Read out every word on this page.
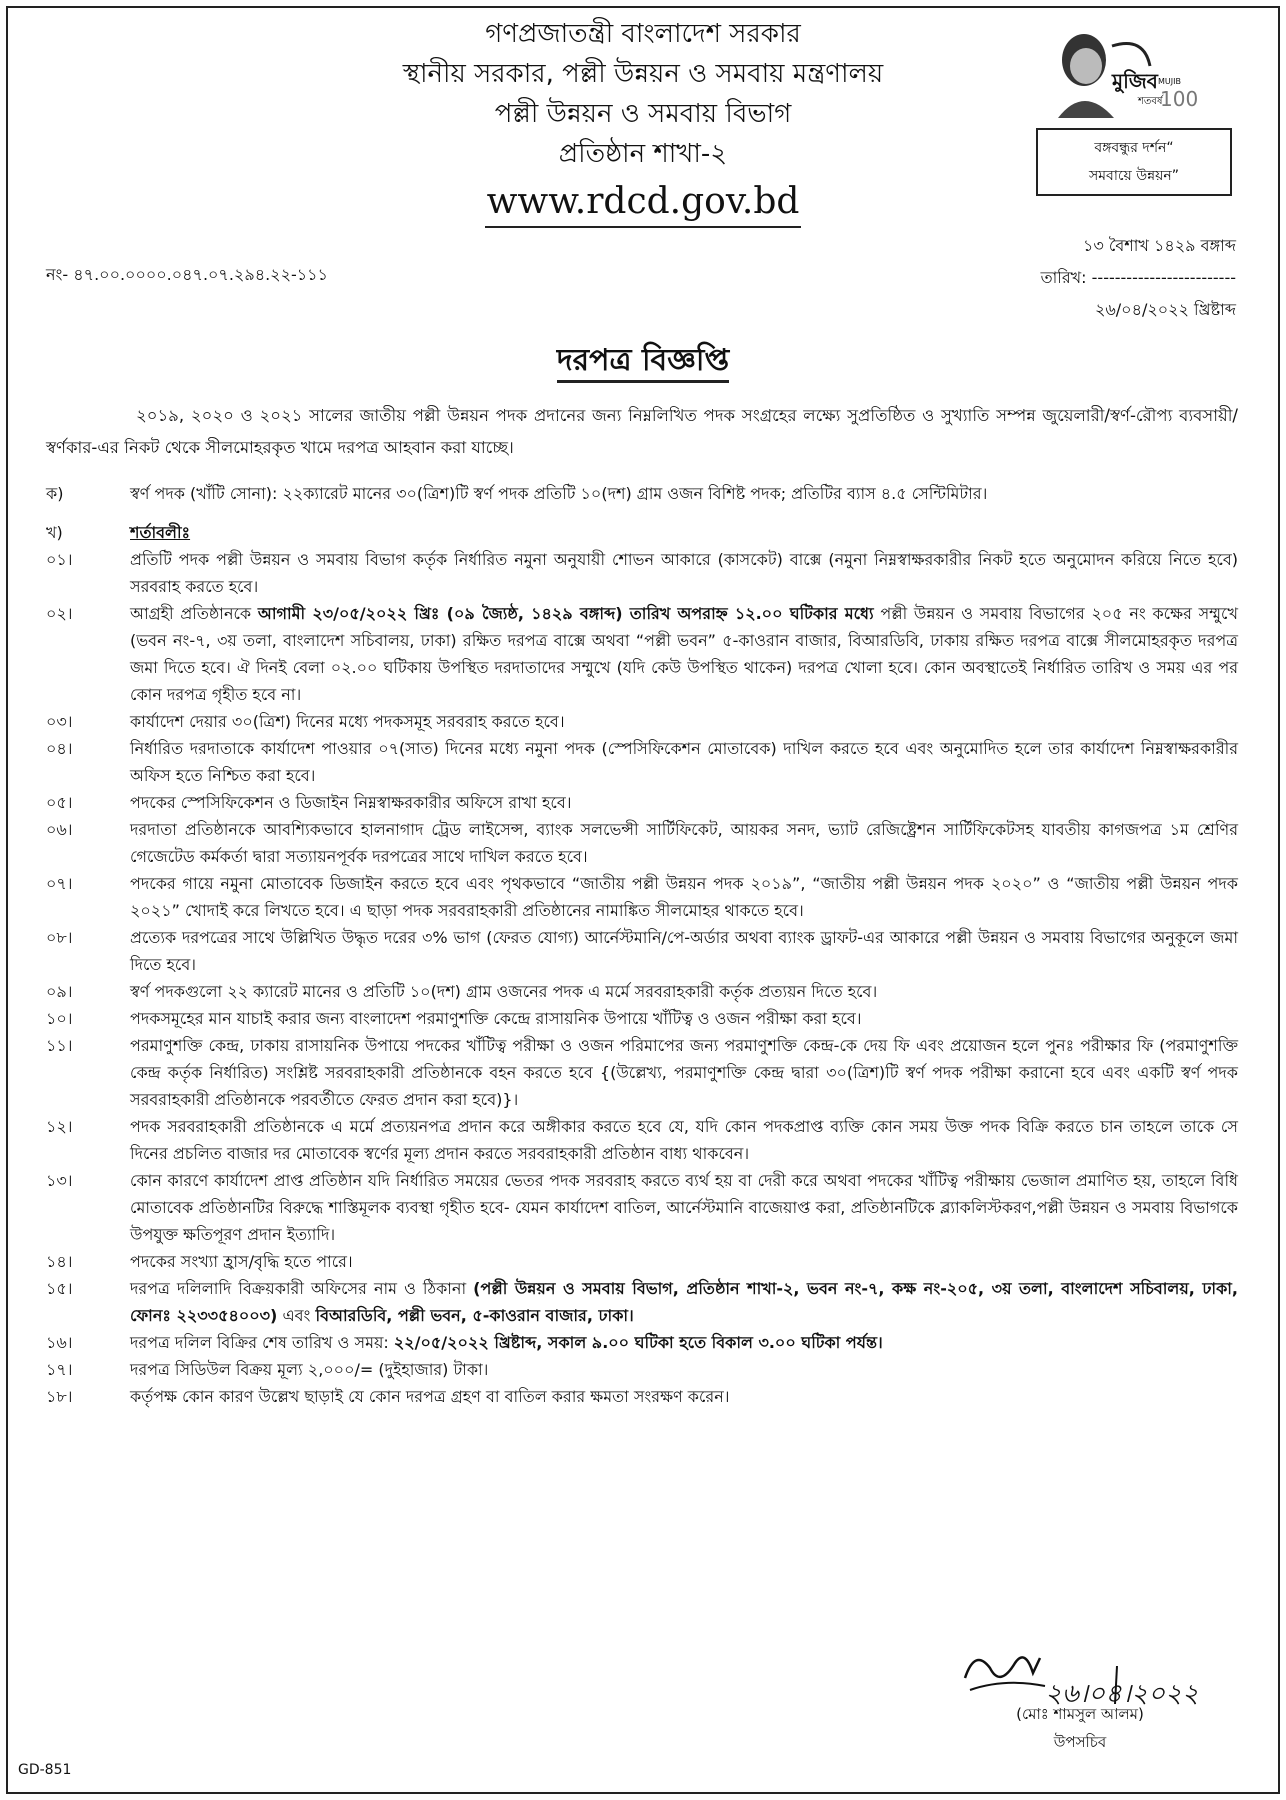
গণপ্রজাতন্ত্রী বাংলাদেশ সরকার
স্থানীয় সরকার, পল্লী উন্নয়ন ও সমবায় মন্ত্রণালয়
পল্লী উন্নয়ন ও সমবায় বিভাগ
প্রতিষ্ঠান শাখা-২
www.rdcd.gov.bd
মুজিব
শতবর্ষ
MUJIB
100
বঙ্গবন্ধুর দর্শন“
সমবায়ে উন্নয়ন”
নং- ৪৭.০০.০০০০.০৪৭.০৭.২৯৪.২২-১১১
১৩ বৈশাখ ১৪২৯ বঙ্গাব্দ
তারিখ: -------------------------
২৬/০৪/২০২২ খ্রিষ্টাব্দ
দরপত্র বিজ্ঞপ্তি
২০১৯, ২০২০ ও ২০২১ সালের জাতীয় পল্লী উন্নয়ন পদক প্রদানের জন্য নিম্নলিখিত পদক সংগ্রহের লক্ষ্যে সুপ্রতিষ্ঠিত ও সুখ্যাতি সম্পন্ন জুয়েলারী/স্বর্ণ-রৌপ্য ব্যবসায়ী/স্বর্ণকার-এর নিকট থেকে সীলমোহরকৃত খামে দরপত্র আহবান করা যাচ্ছে।
ক)	স্বর্ণ পদক (খাঁটি সোনা): ২২ক্যারেট মানের ৩০(ত্রিশ)টি স্বর্ণ পদক প্রতিটি ১০(দশ) গ্রাম ওজন বিশিষ্ট পদক; প্রতিটির ব্যাস ৪.৫ সেন্টিমিটার।
খ)	শর্তাবলীঃ
০১।	প্রতিটি পদক পল্লী উন্নয়ন ও সমবায় বিভাগ কর্তৃক নির্ধারিত নমুনা অনুযায়ী শোভন আকারে (কাসকেট) বাক্সে (নমুনা নিম্নস্বাক্ষরকারীর নিকট হতে অনুমোদন করিয়ে নিতে হবে) সরবরাহ করতে হবে।
০২।	আগ্রহী প্রতিষ্ঠানকে আগামী ২৩/০৫/২০২২ খ্রিঃ (০৯ জ্যৈষ্ঠ, ১৪২৯ বঙ্গাব্দ) তারিখ অপরাহ্ন ১২.০০ ঘটিকার মধ্যে পল্লী উন্নয়ন ও সমবায় বিভাগের ২০৫ নং কক্ষের সম্মুখে (ভবন নং-৭, ৩য় তলা, বাংলাদেশ সচিবালয়, ঢাকা) রক্ষিত দরপত্র বাক্সে অথবা “পল্লী ভবন” ৫-কাওরান বাজার, বিআরডিবি, ঢাকায় রক্ষিত দরপত্র বাক্সে সীলমোহরকৃত দরপত্র জমা দিতে হবে। ঐ দিনই বেলা ০২.০০ ঘটিকায় উপস্থিত দরদাতাদের সম্মুখে (যদি কেউ উপস্থিত থাকেন) দরপত্র খোলা হবে। কোন অবস্থাতেই নির্ধারিত তারিখ ও সময় এর পর কোন দরপত্র গৃহীত হবে না।
০৩।	কার্যাদেশ দেয়ার ৩০(ত্রিশ) দিনের মধ্যে পদকসমূহ সরবরাহ করতে হবে।
০৪।	নির্ধারিত দরদাতাকে কার্যাদেশ পাওয়ার ০৭(সাত) দিনের মধ্যে নমুনা পদক (স্পেসিফিকেশন মোতাবেক) দাখিল করতে হবে এবং অনুমোদিত হলে তার কার্যাদেশ নিম্নস্বাক্ষরকারীর অফিস হতে নিশ্চিত করা হবে।
০৫।	পদকের স্পেসিফিকেশন ও ডিজাইন নিম্নস্বাক্ষরকারীর অফিসে রাখা হবে।
০৬।	দরদাতা প্রতিষ্ঠানকে আবশ্যিকভাবে হালনাগাদ ট্রেড লাইসেন্স, ব্যাংক সলভেন্সী সার্টিফিকেট, আয়কর সনদ, ভ্যাট রেজিষ্ট্রেশন সার্টিফিকেটসহ যাবতীয় কাগজপত্র ১ম শ্রেণির গেজেটেড কর্মকর্তা দ্বারা সত্যায়নপূর্বক দরপত্রের সাথে দাখিল করতে হবে।
০৭।	পদকের গায়ে নমুনা মোতাবেক ডিজাইন করতে হবে এবং পৃথকভাবে “জাতীয় পল্লী উন্নয়ন পদক ২০১৯”, “জাতীয় পল্লী উন্নয়ন পদক ২০২০” ও “জাতীয় পল্লী উন্নয়ন পদক ২০২১” খোদাই করে লিখতে হবে। এ ছাড়া পদক সরবরাহকারী প্রতিষ্ঠানের নামাঙ্কিত সীলমোহর থাকতে হবে।
০৮।	প্রত্যেক দরপত্রের সাথে উল্লিখিত উদ্ধৃত দরের ৩% ভাগ (ফেরত যোগ্য) আর্নেস্টমানি/পে-অর্ডার অথবা ব্যাংক ড্রাফট-এর আকারে পল্লী উন্নয়ন ও সমবায় বিভাগের অনুকূলে জমা দিতে হবে।
০৯।	স্বর্ণ পদকগুলো ২২ ক্যারেট মানের ও প্রতিটি ১০(দশ) গ্রাম ওজনের পদক এ মর্মে সরবরাহকারী কর্তৃক প্রত্যয়ন দিতে হবে।
১০।	পদকসমূহের মান যাচাই করার জন্য বাংলাদেশ পরমাণুশক্তি কেন্দ্রে রাসায়নিক উপায়ে খাঁটিত্ব ও ওজন পরীক্ষা করা হবে।
১১।	পরমাণুশক্তি কেন্দ্র, ঢাকায় রাসায়নিক উপায়ে পদকের খাঁটিত্ব পরীক্ষা ও ওজন পরিমাপের জন্য পরমাণুশক্তি কেন্দ্র-কে দেয় ফি এবং প্রয়োজন হলে পুনঃ পরীক্ষার ফি (পরমাণুশক্তি কেন্দ্র কর্তৃক নির্ধারিত) সংশ্লিষ্ট সরবরাহকারী প্রতিষ্ঠানকে বহন করতে হবে {(উল্লেখ্য, পরমাণুশক্তি কেন্দ্র দ্বারা ৩০(ত্রিশ)টি স্বর্ণ পদক পরীক্ষা করানো হবে এবং একটি স্বর্ণ পদক সরবরাহকারী প্রতিষ্ঠানকে পরবর্তীতে ফেরত প্রদান করা হবে)}।
১২।	পদক সরবরাহকারী প্রতিষ্ঠানকে এ মর্মে প্রত্যয়নপত্র প্রদান করে অঙ্গীকার করতে হবে যে, যদি কোন পদকপ্রাপ্ত ব্যক্তি কোন সময় উক্ত পদক বিক্রি করতে চান তাহলে তাকে সে দিনের প্রচলিত বাজার দর মোতাবেক স্বর্ণের মূল্য প্রদান করতে সরবরাহকারী প্রতিষ্ঠান বাধ্য থাকবেন।
১৩।	কোন কারণে কার্যাদেশ প্রাপ্ত প্রতিষ্ঠান যদি নির্ধারিত সময়ের ভেতর পদক সরবরাহ করতে ব্যর্থ হয় বা দেরী করে অথবা পদকের খাঁটিত্ব পরীক্ষায় ভেজাল প্রমাণিত হয়, তাহলে বিধি মোতাবেক প্রতিষ্ঠানটির বিরুদ্ধে শাস্তিমূলক ব্যবস্থা গৃহীত হবে- যেমন কার্যাদেশ বাতিল, আর্নেস্টমানি বাজেয়াপ্ত করা, প্রতিষ্ঠানটিকে ব্ল্যাকলিস্টকরণ,পল্লী উন্নয়ন ও সমবায় বিভাগকে উপযুক্ত ক্ষতিপূরণ প্রদান ইত্যাদি।
১৪।	পদকের সংখ্যা হ্রাস/বৃদ্ধি হতে পারে।
১৫।	দরপত্র দলিলাদি বিক্রয়কারী অফিসের নাম ও ঠিকানা (পল্লী উন্নয়ন ও সমবায় বিভাগ, প্রতিষ্ঠান শাখা-২, ভবন নং-৭, কক্ষ নং-২০৫, ৩য় তলা, বাংলাদেশ সচিবালয়, ঢাকা, ফোনঃ ২২৩৩৫৪০০৩) এবং বিআরডিবি, পল্লী ভবন, ৫-কাওরান বাজার, ঢাকা।
১৬।	দরপত্র দলিল বিক্রির শেষ তারিখ ও সময়: ২২/০৫/২০২২ খ্রিষ্টাব্দ, সকাল ৯.০০ ঘটিকা হতে বিকাল ৩.০০ ঘটিকা পর্যন্ত।
১৭।	দরপত্র সিডিউল বিক্রয় মূল্য ২,০০০/= (দুইহাজার) টাকা।
১৮।	কর্তৃপক্ষ কোন কারণ উল্লেখ ছাড়াই যে কোন দরপত্র গ্রহণ বা বাতিল করার ক্ষমতা সংরক্ষণ করেন।
২৬।০৪।২০২২
(মোঃ শামসুল আলম)
উপসচিব
GD-851
